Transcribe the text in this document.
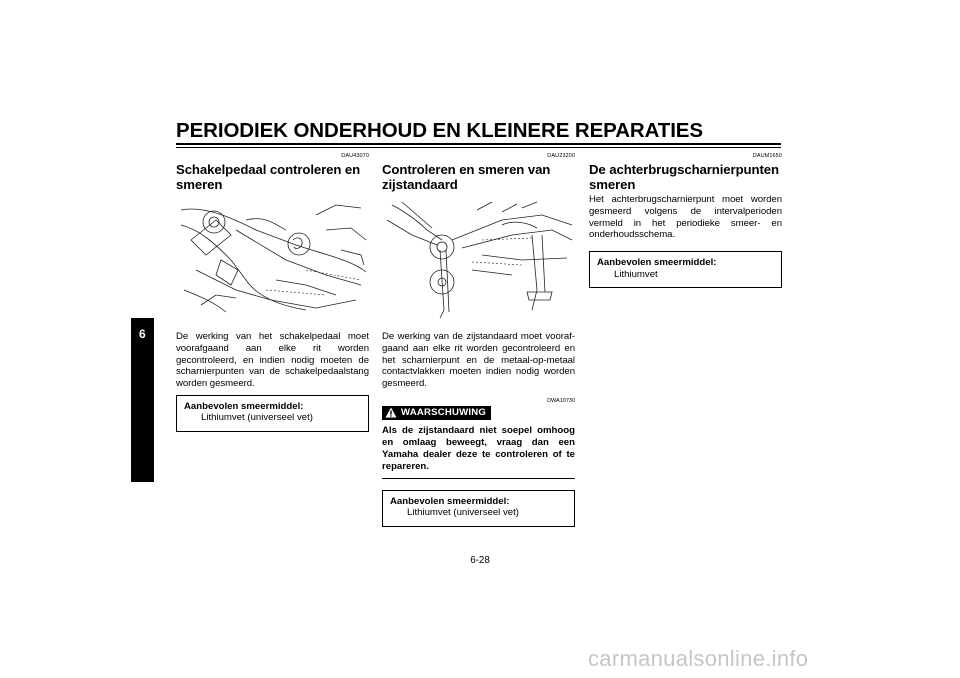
PERIODIEK ONDERHOUD EN KLEINERE REPARATIES
6
DAU43070
Schakelpedaal controleren en smeren
De werking van het schakelpedaal moet voorafgaand aan elke rit worden gecontroleerd, en indien nodig moeten de scharnierpunten van de schakelpedaalstang worden gesmeerd.
Aanbevolen smeermiddel:
Lithiumvet (universeel vet)
DAU23200
Controleren en smeren van zijstandaard
De werking van de zijstandaard moet voorafgaand aan elke rit worden gecontroleerd en het scharnierpunt en de metaal-op-metaal contactvlakken moeten indien nodig worden gesmeerd.
DWA10730
WAARSCHUWING
Als de zijstandaard niet soepel omhoog en omlaag beweegt, vraag dan een Yamaha dealer deze te controleren of te repareren.
Aanbevolen smeermiddel:
Lithiumvet (universeel vet)
DAUM1650
De achterbrugscharnierpunten smeren
Het achterbrugscharnierpunt moet worden gesmeerd volgens de intervalperioden vermeld in het periodieke smeer- en onderhoudsschema.
Aanbevolen smeermiddel:
Lithiumvet
6-28
carmanualsonline.info
